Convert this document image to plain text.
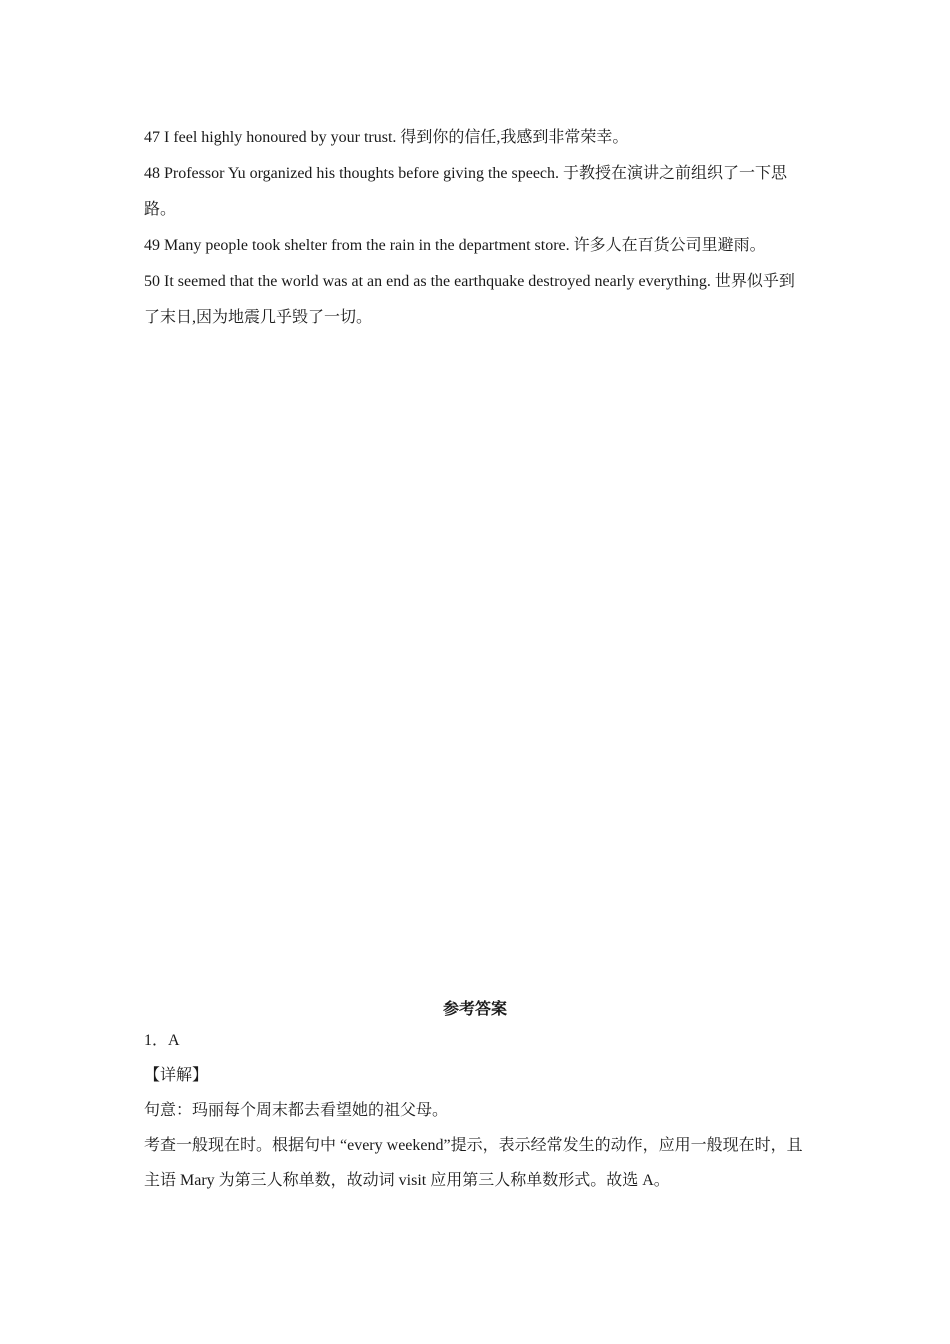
47 I feel highly honoured by your trust. 得到你的信任,我感到非常荣幸。

48 Professor Yu organized his thoughts before giving the speech. 于教授在演讲之前组织了一下思路。

49 Many people took shelter from the rain in the department store. 许多人在百货公司里避雨。

50 It seemed that the world was at an end as the earthquake destroyed nearly everything. 世界似乎到了末日,因为地震几乎毁了一切。

参考答案

1．A

【详解】

句意：玛丽每个周末都去看望她的祖父母。

考查一般现在时。根据句中 “every weekend”提示，表示经常发生的动作，应用一般现在时，且主语 Mary 为第三人称单数，故动词 visit 应用第三人称单数形式。故选 A。
